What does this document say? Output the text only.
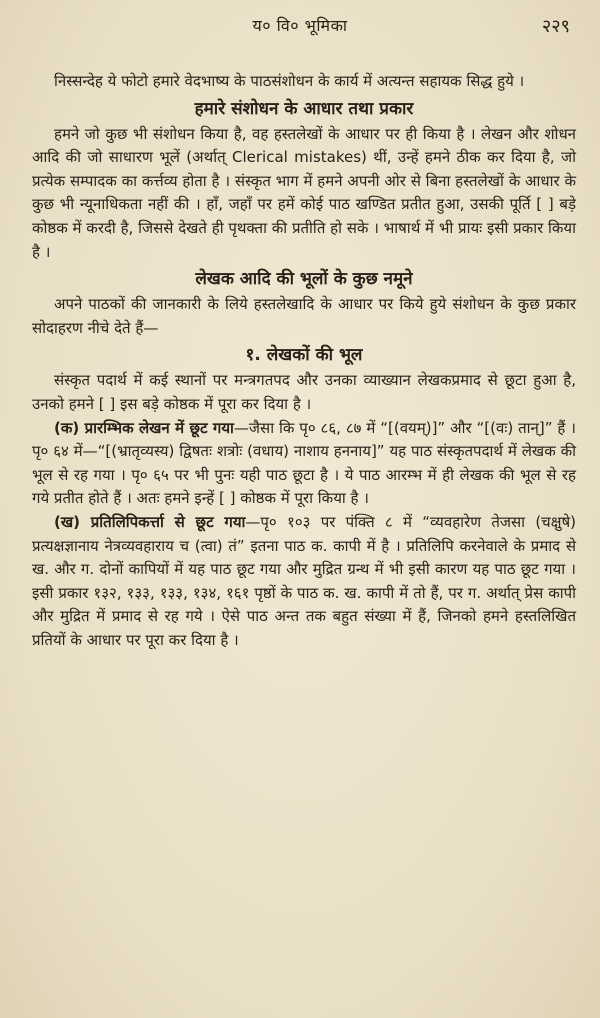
य० वि० भूमिका	२२९

निस्सन्देह ये फोटो हमारे वेदभाष्य के पाठसंशोधन के कार्य में अत्यन्त सहायक सिद्ध हुये ।

हमारे संशोधन के आधार तथा प्रकार

हमने जो कुछ भी संशोधन किया है, वह हस्तलेखों के आधार पर ही किया है । लेखन और शोधन आदि की जो साधारण भूलें (अर्थात् Clerical mistakes) थीं, उन्हें हमने ठीक कर दिया है, जो प्रत्येक सम्पादक का कर्त्तव्य होता है । संस्कृत भाग में हमने अपनी ओर से बिना हस्तलेखों के आधार के कुछ भी न्यूनाधिकता नहीं की । हाँ, जहाँ पर हमें कोई पाठ खण्डित प्रतीत हुआ, उसकी पूर्ति [ ] बड़े कोष्ठक में करदी है, जिससे देखते ही पृथक्ता की प्रतीति हो सके । भाषार्थ में भी प्रायः इसी प्रकार किया है ।

लेखक आदि की भूलों के कुछ नमूने

अपने पाठकों की जानकारी के लिये हस्तलेखादि के आधार पर किये हुये संशोधन के कुछ प्रकार सोदाहरण नीचे देते हैं—

१. लेखकों की भूल

संस्कृत पदार्थ में कई स्थानों पर मन्त्रगतपद और उनका व्याख्यान लेखकप्रमाद से छूटा हुआ है, उनको हमने [ ] इस बड़े कोष्ठक में पूरा कर दिया है ।

(क) प्रारम्भिक लेखन में छूट गया—जैसा कि पृ० ८६, ८७ में “[(वयम्)]” और “[(वः) तान्]” हैं । पृ० ६४ में—“[(भ्रातृव्यस्य) द्विषतः शत्रोः (वधाय) नाशाय हननाय]” यह पाठ संस्कृतपदार्थ में लेखक की भूल से रह गया । पृ० ६५ पर भी पुनः यही पाठ छूटा है । ये पाठ आरम्भ में ही लेखक की भूल से रह गये प्रतीत होते हैं । अतः हमने इन्हें [ ] कोष्ठक में पूरा किया है ।

(ख) प्रतिलिपिकर्त्ता से छूट गया—पृ० १०३ पर पंक्ति ८ में “व्यवहारेण तेजसा (चक्षुषे) प्रत्यक्षज्ञानाय नेत्रव्यवहाराय च (त्वा) तं” इतना पाठ क. कापी में है । प्रतिलिपि करनेवाले के प्रमाद से ख. और ग. दोनों कापियों में यह पाठ छूट गया और मुद्रित ग्रन्थ में भी इसी कारण यह पाठ छूट गया । इसी प्रकार १३२, १३३, १३३, १३४, १६१ पृष्ठों के पाठ क. ख. कापी में तो हैं, पर ग. अर्थात् प्रेस कापी और मुद्रित में प्रमाद से रह गये । ऐसे पाठ अन्त तक बहुत संख्या में हैं, जिनको हमने हस्तलिखित प्रतियों के आधार पर पूरा कर दिया है ।
